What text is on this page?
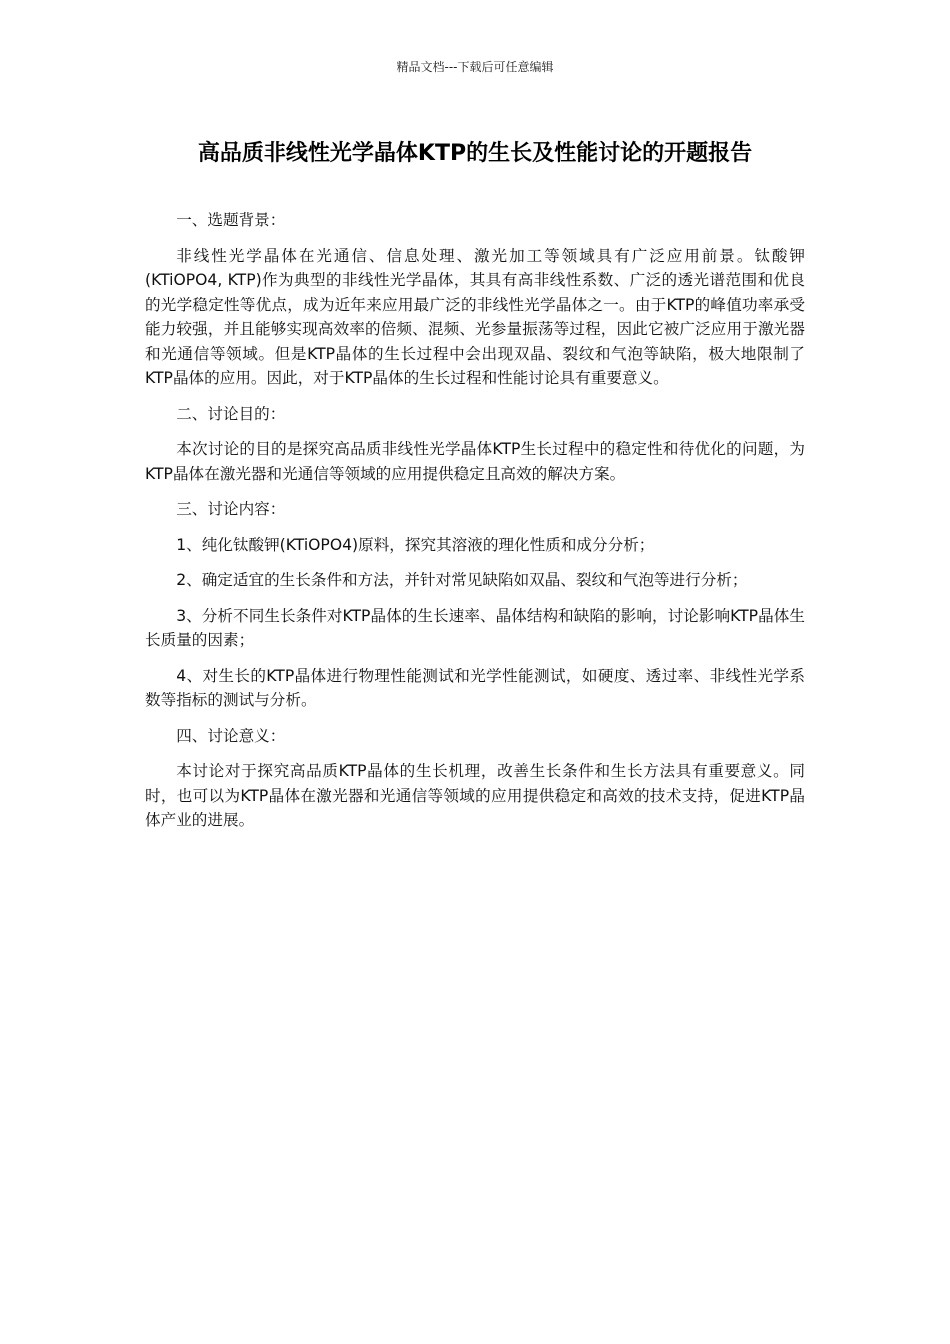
精品文档---下载后可任意编辑
高品质非线性光学晶体KTP的生长及性能讨论的开题报告

一、选题背景：

非线性光学晶体在光通信、信息处理、激光加工等领域具有广泛应用前景。钛酸钾(KTiOPO4, KTP)作为典型的非线性光学晶体，其具有高非线性系数、广泛的透光谱范围和优良的光学稳定性等优点，成为近年来应用最广泛的非线性光学晶体之一。由于KTP的峰值功率承受能力较强，并且能够实现高效率的倍频、混频、光参量振荡等过程，因此它被广泛应用于激光器和光通信等领域。但是KTP晶体的生长过程中会出现双晶、裂纹和气泡等缺陷，极大地限制了KTP晶体的应用。因此，对于KTP晶体的生长过程和性能讨论具有重要意义。

二、讨论目的：

本次讨论的目的是探究高品质非线性光学晶体KTP生长过程中的稳定性和待优化的问题，为KTP晶体在激光器和光通信等领域的应用提供稳定且高效的解决方案。

三、讨论内容：

1、纯化钛酸钾(KTiOPO4)原料，探究其溶液的理化性质和成分分析；

2、确定适宜的生长条件和方法，并针对常见缺陷如双晶、裂纹和气泡等进行分析；

3、分析不同生长条件对KTP晶体的生长速率、晶体结构和缺陷的影响，讨论影响KTP晶体生长质量的因素；

4、对生长的KTP晶体进行物理性能测试和光学性能测试，如硬度、透过率、非线性光学系数等指标的测试与分析。

四、讨论意义：

本讨论对于探究高品质KTP晶体的生长机理，改善生长条件和生长方法具有重要意义。同时，也可以为KTP晶体在激光器和光通信等领域的应用提供稳定和高效的技术支持，促进KTP晶体产业的进展。
